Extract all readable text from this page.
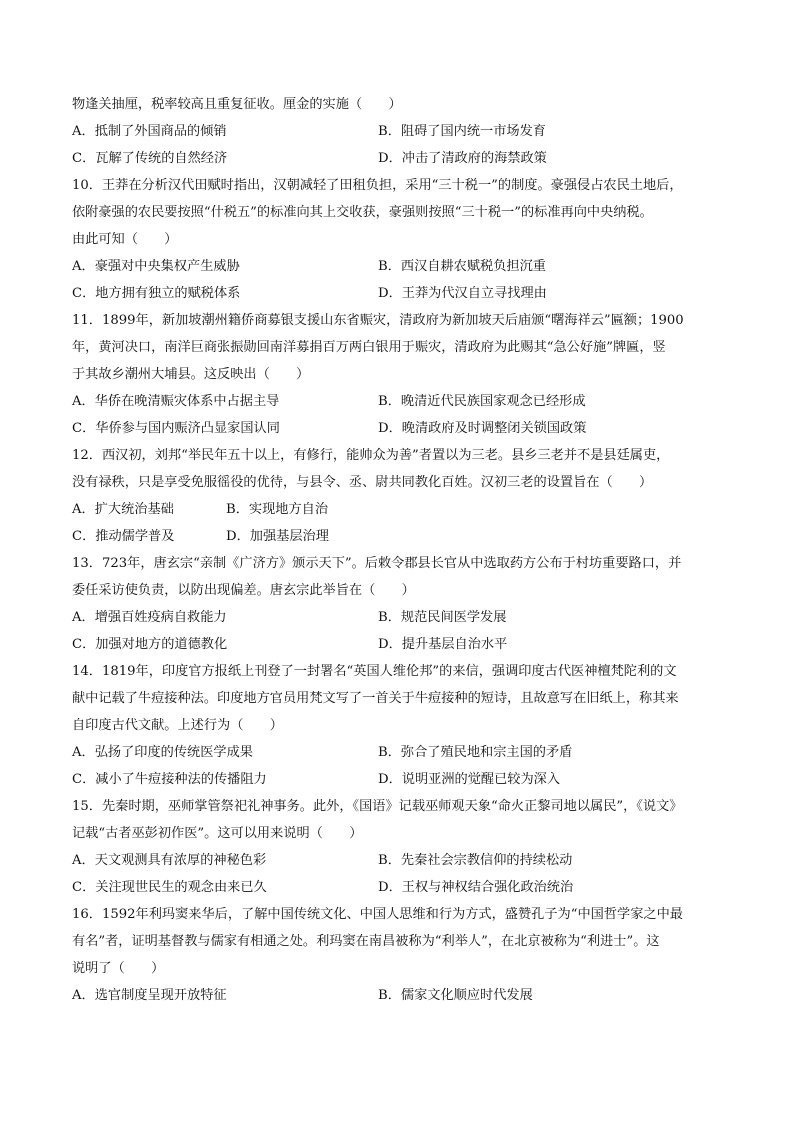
物逢关抽厘，税率较高且重复征收。厘金的实施（　　）
A．抵制了外国商品的倾销	B．阻碍了国内统一市场发育
C．瓦解了传统的自然经济	D．冲击了清政府的海禁政策
10．王莽在分析汉代田赋时指出，汉朝减轻了田租负担，采用“三十税一”的制度。豪强侵占农民土地后，
依附豪强的农民要按照“什税五”的标准向其上交收获，豪强则按照“三十税一”的标准再向中央纳税。
由此可知（　　）
A．豪强对中央集权产生威胁	B．西汉自耕农赋税负担沉重
C．地方拥有独立的赋税体系	D．王莽为代汉自立寻找理由
11．1899年，新加坡潮州籍侨商募银支援山东省赈灾，清政府为新加坡天后庙颁“曙海祥云”匾额；1900
年，黄河决口，南洋巨商张振勋回南洋募捐百万两白银用于赈灾，清政府为此赐其“急公好施”牌匾，竖
于其故乡潮州大埔县。这反映出（　　）
A．华侨在晚清赈灾体系中占据主导	B．晚清近代民族国家观念已经形成
C．华侨参与国内赈济凸显家国认同	D．晚清政府及时调整闭关锁国政策
12．西汉初，刘邦“举民年五十以上，有修行，能帅众为善”者置以为三老。县乡三老并不是县廷属吏，
没有禄秩，只是享受免服徭役的优待，与县令、丞、尉共同教化百姓。汉初三老的设置旨在（　　）
A．扩大统治基础	B．实现地方自治
C．推动儒学普及	D．加强基层治理
13．723年，唐玄宗“亲制《广济方》颁示天下”。后敕令郡县长官从中选取药方公布于村坊重要路口，并
委任采访使负责，以防出现偏差。唐玄宗此举旨在（　　）
A．增强百姓疫病自救能力	B．规范民间医学发展
C．加强对地方的道德教化	D．提升基层自治水平
14．1819年，印度官方报纸上刊登了一封署名“英国人维伦邦”的来信，强调印度古代医神檀梵陀利的文
献中记载了牛痘接种法。印度地方官员用梵文写了一首关于牛痘接种的短诗，且故意写在旧纸上，称其来
自印度古代文献。上述行为（　　）
A．弘扬了印度的传统医学成果	B．弥合了殖民地和宗主国的矛盾
C．减小了牛痘接种法的传播阻力	D．说明亚洲的觉醒已较为深入
15．先秦时期，巫师掌管祭祀礼神事务。此外，《国语》记载巫师观天象“命火正黎司地以属民”，《说文》
记载“古者巫彭初作医”。这可以用来说明（　　）
A．天文观测具有浓厚的神秘色彩	B．先秦社会宗教信仰的持续松动
C．关注现世民生的观念由来已久	D．王权与神权结合强化政治统治
16．1592年利玛窦来华后，了解中国传统文化、中国人思维和行为方式，盛赞孔子为“中国哲学家之中最
有名”者，证明基督教与儒家有相通之处。利玛窦在南昌被称为“利举人”，在北京被称为“利进士”。这
说明了（　　）
A．选官制度呈现开放特征	B．儒家文化顺应时代发展
